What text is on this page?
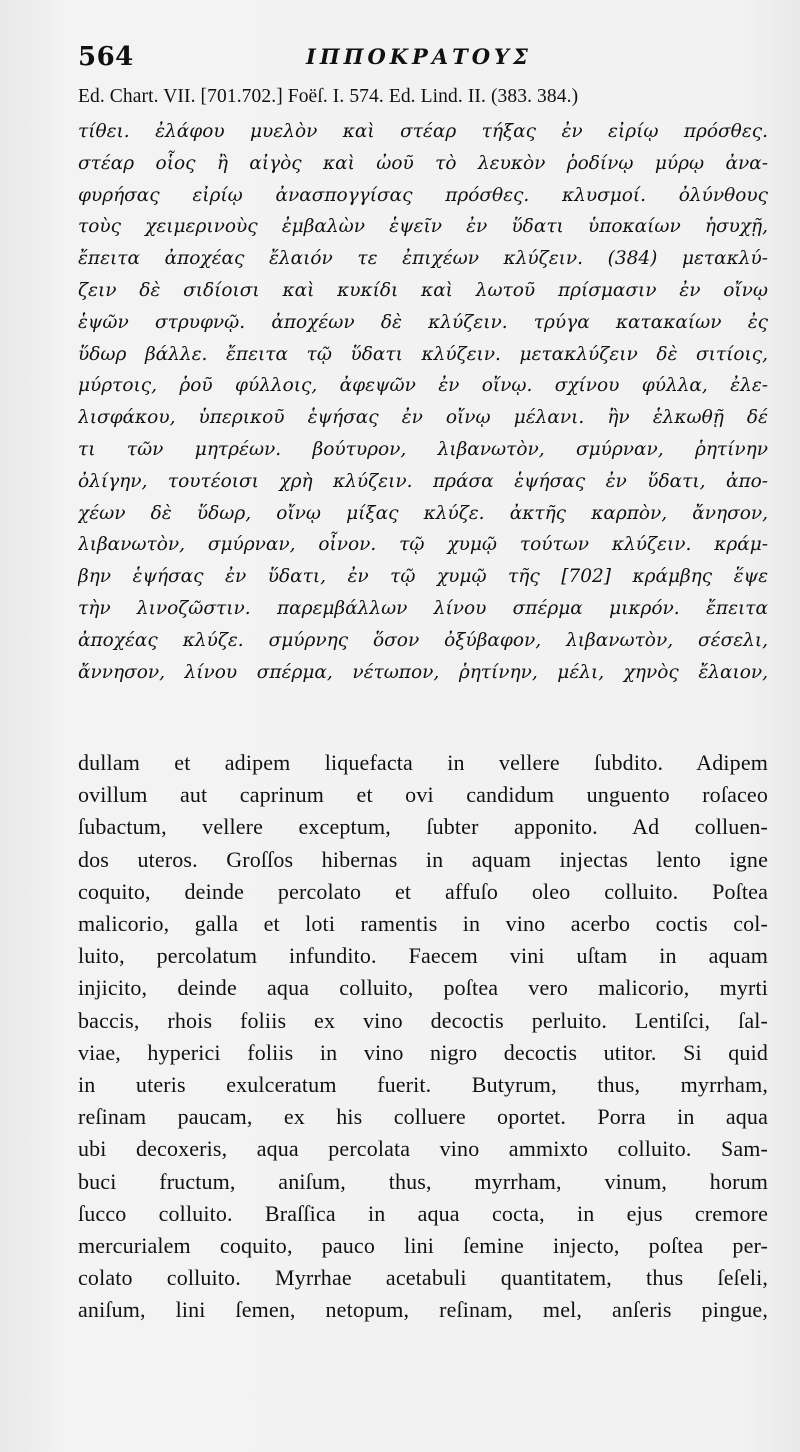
564	ΙΠΠΟΚΡΑΤΟΥΣ
Ed. Chart. VII. [701.702.] Foëſ. I. 574. Ed. Lind. II. (383. 384.)
τίθει. ἐλάφου μυελὸν καὶ στέαρ τήξας ἐν εἰρίῳ πρόσθες.
στέαρ οἷος ἢ αἰγὸς καὶ ὠοῦ τὸ λευκὸν ῥοδίνῳ μύρῳ ἀνα-
φυρήσας εἰρίῳ ἀνασπογγίσας πρόσθες. κλυσμοί. ὀλύνθους
τοὺς χειμερινοὺς ἐμβαλὼν ἑψεῖν ἐν ὕδατι ὑποκαίων ἡσυχῇ,
ἔπειτα ἀποχέας ἔλαιόν τε ἐπιχέων κλύζειν. (384) μετακλύ-
ζειν δὲ σιδίοισι καὶ κυκίδι καὶ λωτοῦ πρίσμασιν ἐν οἴνῳ
ἑψῶν στρυφνῷ. ἀποχέων δὲ κλύζειν. τρύγα κατακαίων ἐς
ὕδωρ βάλλε. ἔπειτα τῷ ὕδατι κλύζειν. μετακλύζειν δὲ σιτίοις,
μύρτοις, ῥοῦ φύλλοις, ἀφεψῶν ἐν οἴνῳ. σχίνου φύλλα, ἐλε-
λισφάκου, ὑπερικοῦ ἑψήσας ἐν οἴνῳ μέλανι. ἢν ἑλκωθῇ δέ
τι τῶν μητρέων. βούτυρον, λιβανωτὸν, σμύρναν, ῥητίνην
ὀλίγην, τουτέοισι χρὴ κλύζειν. πράσα ἑψήσας ἐν ὕδατι, ἀπο-
χέων δὲ ὕδωρ, οἴνῳ μίξας κλύζε. ἀκτῆς καρπὸν, ἄνησον,
λιβανωτὸν, σμύρναν, οἶνον. τῷ χυμῷ τούτων κλύζειν. κράμ-
βην ἑψήσας ἐν ὕδατι, ἐν τῷ χυμῷ τῆς [702] κράμβης ἕψε
τὴν λινοζῶστιν. παρεμβάλλων λίνου σπέρμα μικρόν. ἔπειτα
ἀποχέας κλύζε. σμύρνης ὅσον ὀξύβαφον, λιβανωτὸν, σέσελι,
ἄννησον, λίνου σπέρμα, νέτωπον, ῥητίνην, μέλι, χηνὸς ἔλαιον,
dullam et adipem liquefacta in vellere ſubdito. Adipem
ovillum aut caprinum et ovi candidum unguento roſaceo
ſubactum, vellere exceptum, ſubter apponito. Ad colluen-
dos uteros. Groſſos hibernas in aquam injectas lento igne
coquito, deinde percolato et affuſo oleo colluito. Poſtea
malicorio, galla et loti ramentis in vino acerbo coctis col-
luito, percolatum infundito. Faecem vini uſtam in aquam
injicito, deinde aqua colluito, poſtea vero malicorio, myrti
baccis, rhois foliis ex vino decoctis perluito. Lentiſci, ſal-
viae, hyperici foliis in vino nigro decoctis utitor. Si quid
in uteris exulceratum fuerit. Butyrum, thus, myrrham,
reſinam paucam, ex his colluere oportet. Porra in aqua
ubi decoxeris, aqua percolata vino ammixto colluito. Sam-
buci fructum, aniſum, thus, myrrham, vinum, horum
ſucco colluito. Braſſica in aqua cocta, in ejus cremore
mercurialem coquito, pauco lini ſemine injecto, poſtea per-
colato colluito. Myrrhae acetabuli quantitatem, thus ſeſeli,
aniſum, lini ſemen, netopum, reſinam, mel, anſeris pingue,
